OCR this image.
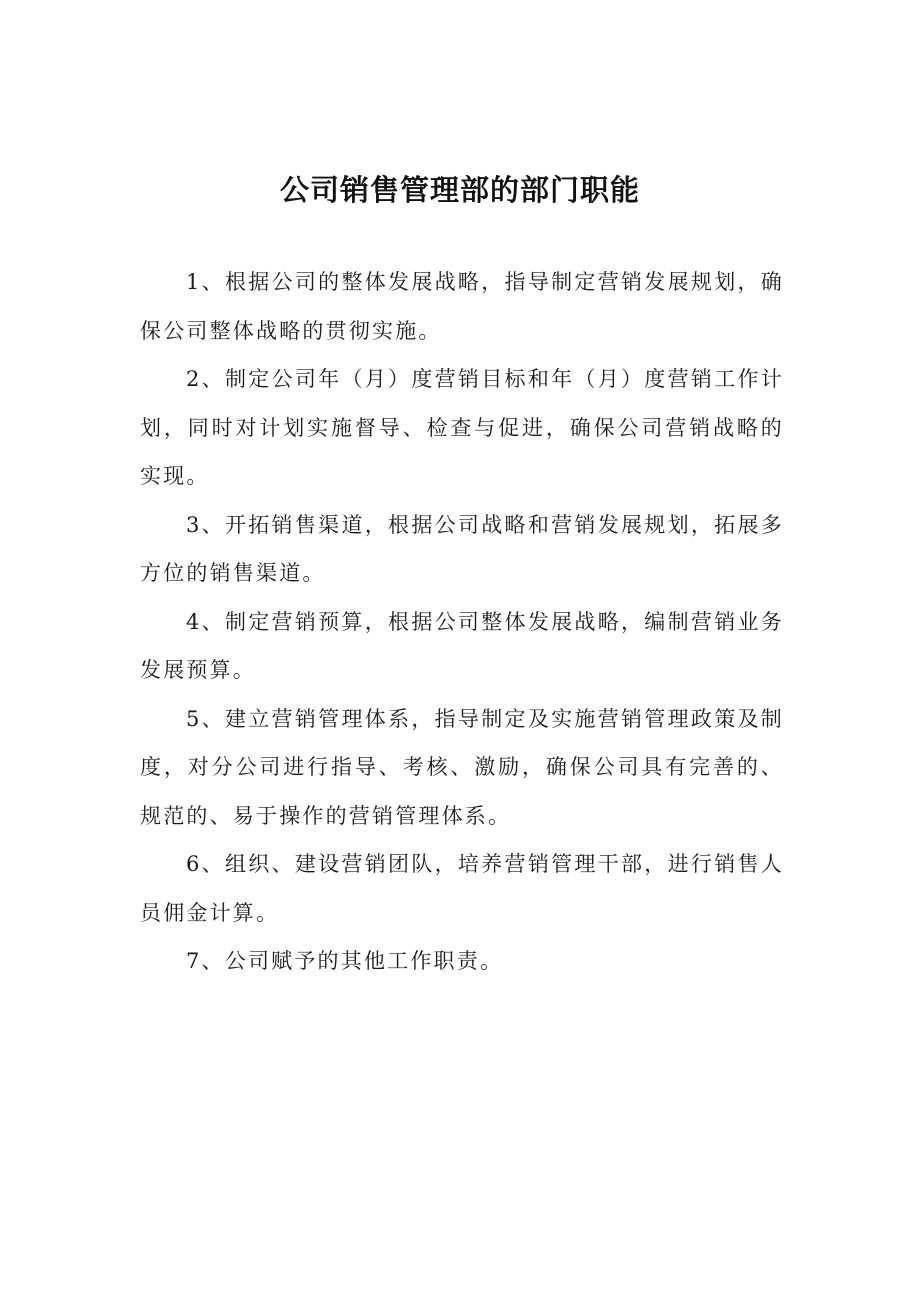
公司销售管理部的部门职能

1、根据公司的整体发展战略，指导制定营销发展规划，确保公司整体战略的贯彻实施。

2、制定公司年（月）度营销目标和年（月）度营销工作计划，同时对计划实施督导、检查与促进，确保公司营销战略的实现。

3、开拓销售渠道，根据公司战略和营销发展规划，拓展多方位的销售渠道。

4、制定营销预算，根据公司整体发展战略，编制营销业务发展预算。

5、建立营销管理体系，指导制定及实施营销管理政策及制度，对分公司进行指导、考核、激励，确保公司具有完善的、规范的、易于操作的营销管理体系。

6、组织、建设营销团队，培养营销管理干部，进行销售人员佣金计算。

7、公司赋予的其他工作职责。
